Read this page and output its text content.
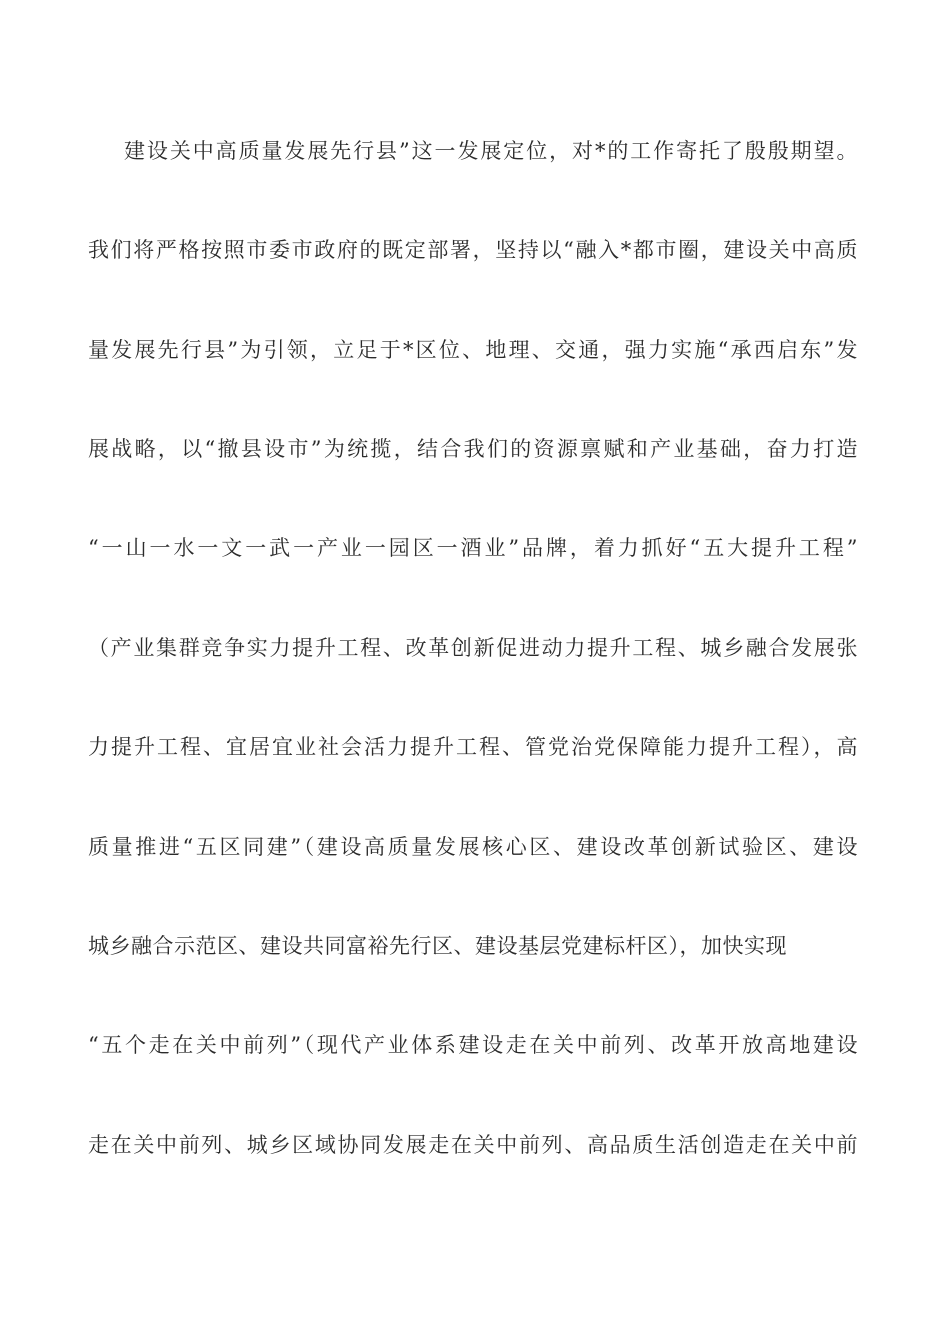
建设关中高质量发展先行县”这一发展定位，对*的工作寄托了殷殷期望。
我们将严格按照市委市政府的既定部署，坚持以“融入*都市圈，建设关中高质
量发展先行县”为引领，立足于*区位、地理、交通，强力实施“承西启东”发
展战略，以“撤县设市”为统揽，结合我们的资源禀赋和产业基础，奋力打造
“一山一水一文一武一产业一园区一酒业”品牌，着力抓好“五大提升工程”
（产业集群竞争实力提升工程、改革创新促进动力提升工程、城乡融合发展张
力提升工程、宜居宜业社会活力提升工程、管党治党保障能力提升工程），高
质量推进“五区同建”（建设高质量发展核心区、建设改革创新试验区、建设
城乡融合示范区、建设共同富裕先行区、建设基层党建标杆区），加快实现
“五个走在关中前列”（现代产业体系建设走在关中前列、改革开放高地建设
走在关中前列、城乡区域协同发展走在关中前列、高品质生活创造走在关中前
